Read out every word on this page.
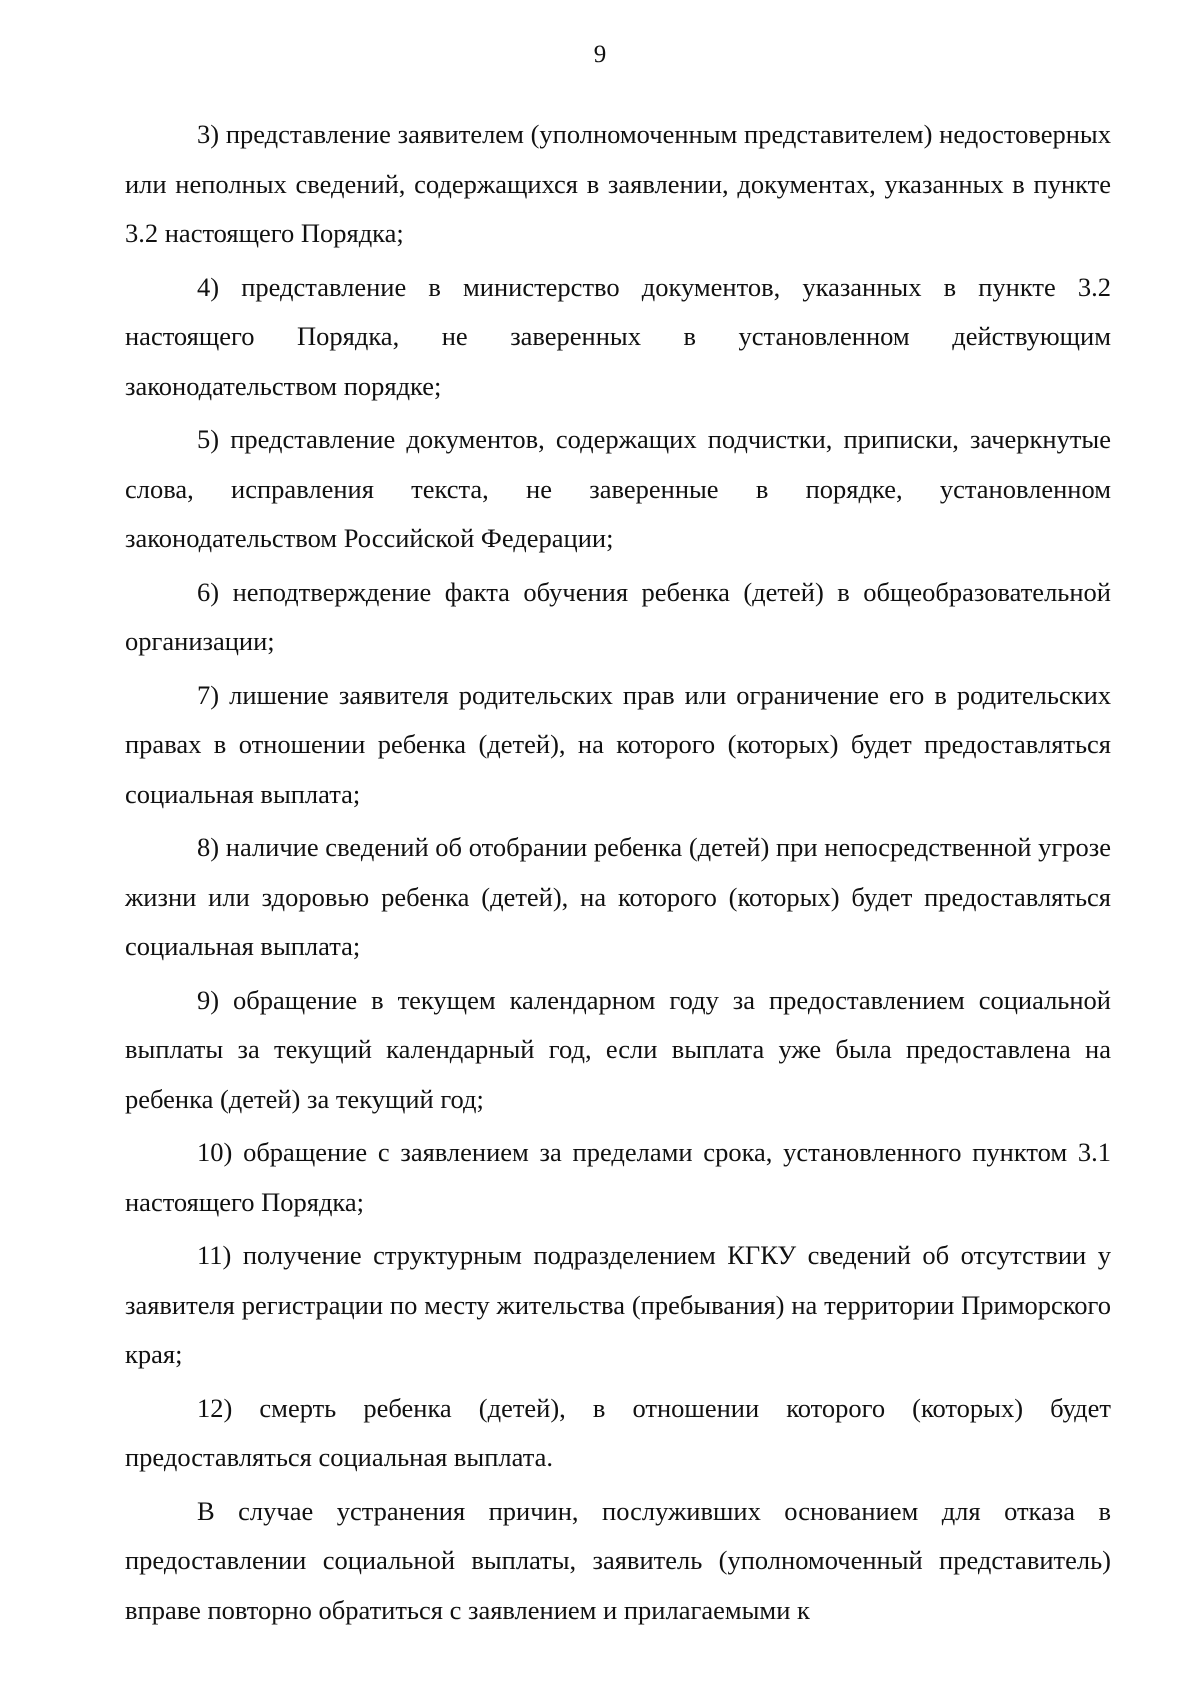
9

3) представление заявителем (уполномоченным представителем) недостоверных или неполных сведений, содержащихся в заявлении, документах, указанных в пункте 3.2 настоящего Порядка;

4) представление в министерство документов, указанных в пункте 3.2 настоящего Порядка, не заверенных в установленном действующим законодательством порядке;

5) представление документов, содержащих подчистки, приписки, зачеркнутые слова, исправления текста, не заверенные в порядке, установленном законодательством Российской Федерации;

6) неподтверждение факта обучения ребенка (детей) в общеобразовательной организации;

7) лишение заявителя родительских прав или ограничение его в родительских правах в отношении ребенка (детей), на которого (которых) будет предоставляться социальная выплата;

8) наличие сведений об отобрании ребенка (детей) при непосредственной угрозе жизни или здоровью ребенка (детей), на которого (которых) будет предоставляться социальная выплата;

9) обращение в текущем календарном году за предоставлением социальной выплаты за текущий календарный год, если выплата уже была предоставлена на ребенка (детей) за текущий год;

10) обращение с заявлением за пределами срока, установленного пунктом 3.1 настоящего Порядка;

11) получение структурным подразделением КГКУ сведений об отсутствии у заявителя регистрации по месту жительства (пребывания) на территории Приморского края;

12) смерть ребенка (детей), в отношении которого (которых) будет предоставляться социальная выплата.

В случае устранения причин, послуживших основанием для отказа в предоставлении социальной выплаты, заявитель (уполномоченный представитель) вправе повторно обратиться с заявлением и прилагаемыми к
